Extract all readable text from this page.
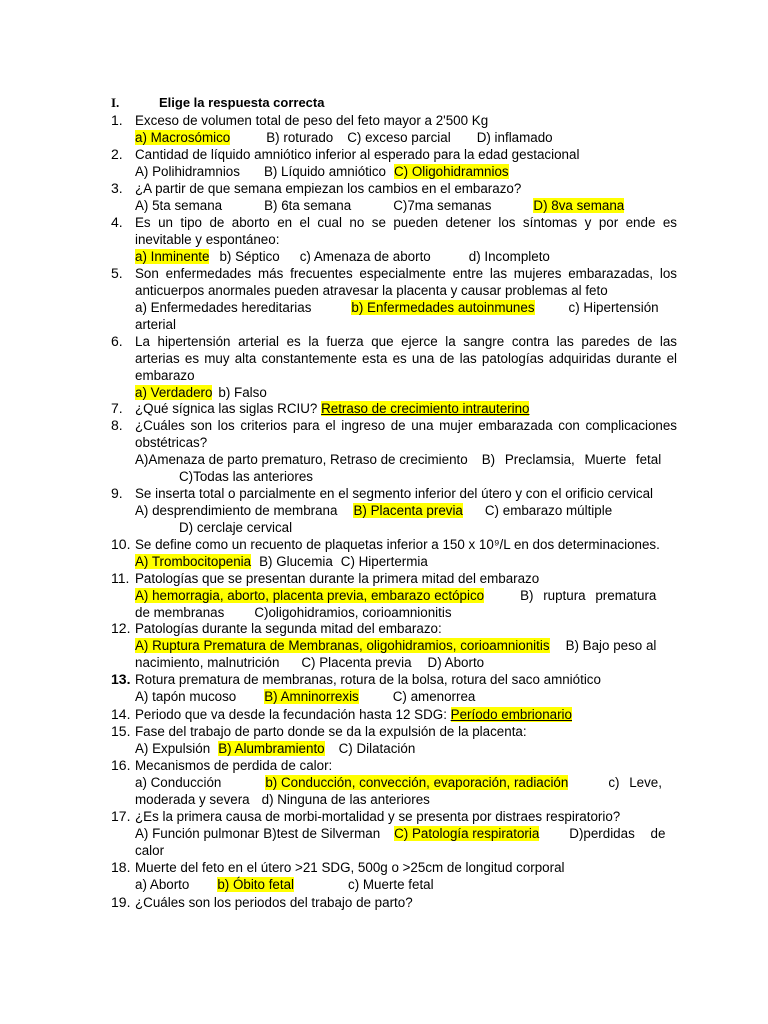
I.	Elige la respuesta correcta
1. Exceso de volumen total de peso del feto mayor a 2'500 Kg
a) Macrosómico	B) roturado C) exceso parcial D) inflamado
2. Cantidad de líquido amniótico inferior al esperado para la edad gestacional
A) Polihidramnios B) Líquido amniótico C) Oligohidramnios
3. ¿A partir de que semana empiezan los cambios en el embarazo?
A) 5ta semana	B) 6ta semana	C)7ma semanas	D) 8va semana
4. Es un tipo de aborto en el cual no se pueden detener los síntomas y por ende es
inevitable y espontáneo:
a) Inminente b) Séptico c) Amenaza de aborto	d) Incompleto
5. Son enfermedades más frecuentes especialmente entre las mujeres embarazadas, los
anticuerpos anormales pueden atravesar la placenta y causar problemas al feto
a) Enfermedades hereditarias	b) Enfermedades autoinmunes	c) Hipertensión
arterial
6. La hipertensión arterial es la fuerza que ejerce la sangre contra las paredes de las
arterias es muy alta constantemente esta es una de las patologías adquiridas durante el
embarazo
a) Verdadero b) Falso
7. ¿Qué sígnica las siglas RCIU? Retraso de crecimiento intrauterino
8. ¿Cuáles son los criterios para el ingreso de una mujer embarazada con complicaciones
obstétricas?
A)Amenaza de parto prematuro, Retraso de crecimiento B) Preclamsia, Muerte fetal
C)Todas las anteriores
9. Se inserta total o parcialmente en el segmento inferior del útero y con el orificio cervical
A) desprendimiento de membrana B) Placenta previa C) embarazo múltiple
D) cerclaje cervical
10. Se define como un recuento de plaquetas inferior a 150 x 10⁹/L en dos determinaciones.
A) Trombocitopenia B) Glucemia C) Hipertermia
11. Patologías que se presentan durante la primera mitad del embarazo
A) hemorragia, aborto, placenta previa, embarazo ectópico	B) ruptura prematura
de membranas C)oligohidramios, corioamnionitis
12. Patologías durante la segunda mitad del embarazo:
A) Ruptura Prematura de Membranas, oligohidramios, corioamnionitis B) Bajo peso al
nacimiento, malnutrición C) Placenta previa D) Aborto
13. Rotura prematura de membranas, rotura de la bolsa, rotura del saco amniótico
A) tapón mucoso B) Amninorrexis	C) amenorrea
14. Periodo que va desde la fecundación hasta 12 SDG: Período embrionario
15. Fase del trabajo de parto donde se da la expulsión de la placenta:
A) Expulsión B) Alumbramiento C) Dilatación
16. Mecanismos de perdida de calor:
a) Conducción	b) Conducción, convección, evaporación, radiación	c) Leve,
moderada y severa d) Ninguna de las anteriores
17. ¿Es la primera causa de morbi-mortalidad y se presenta por distraes respiratorio?
A) Función pulmonar B)test de Silverman C) Patología respiratoria D)perdidas de
calor
18. Muerte del feto en el útero >21 SDG, 500g o >25cm de longitud corporal
a) Aborto b) Óbito fetal	c) Muerte fetal
19. ¿Cuáles son los periodos del trabajo de parto?
